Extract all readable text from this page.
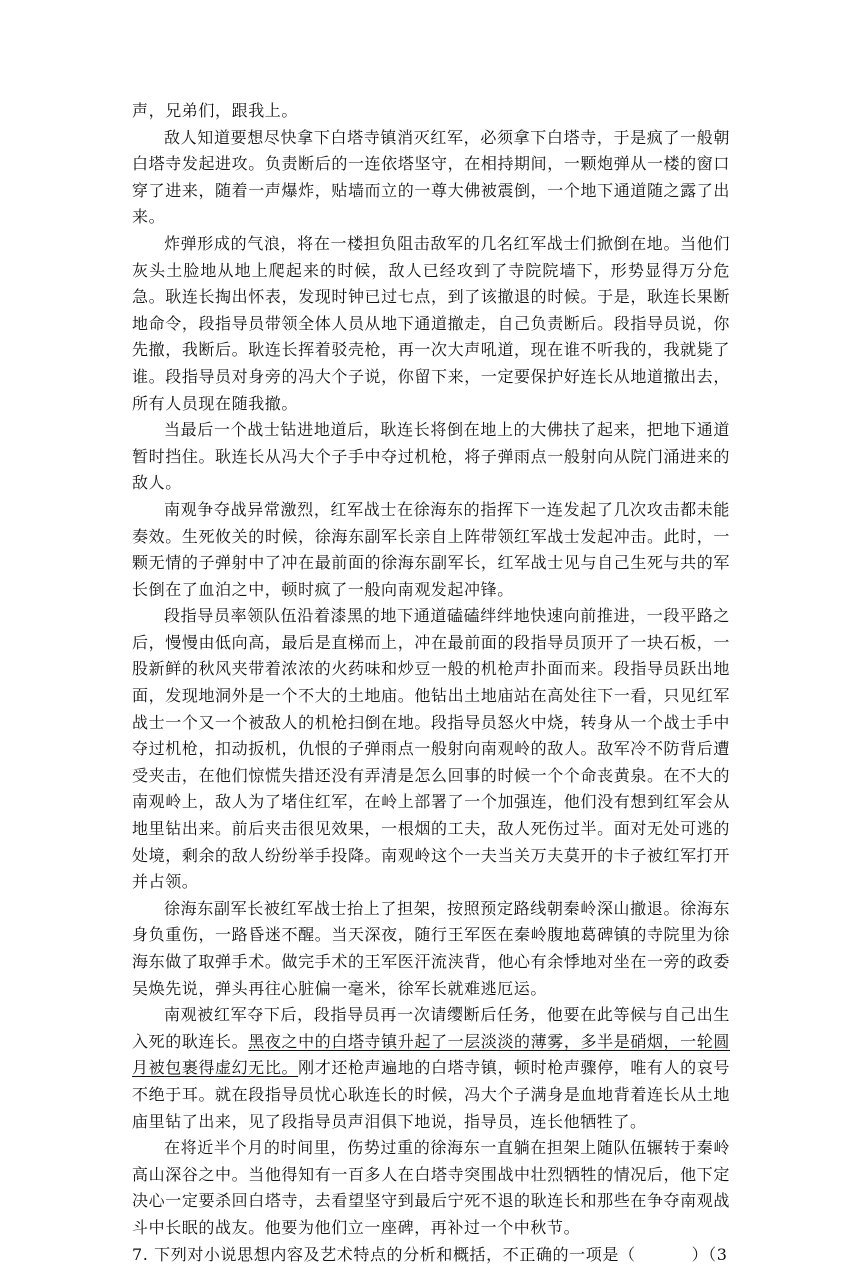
声，兄弟们，跟我上。

敌人知道要想尽快拿下白塔寺镇消灭红军，必须拿下白塔寺，于是疯了一般朝白塔寺发起进攻。负责断后的一连依塔坚守，在相持期间，一颗炮弹从一楼的窗口穿了进来，随着一声爆炸，贴墙而立的一尊大佛被震倒，一个地下通道随之露了出来。

炸弹形成的气浪，将在一楼担负阻击敌军的几名红军战士们掀倒在地。当他们灰头土脸地从地上爬起来的时候，敌人已经攻到了寺院院墙下，形势显得万分危急。耿连长掏出怀表，发现时钟已过七点，到了该撤退的时候。于是，耿连长果断地命令，段指导员带领全体人员从地下通道撤走，自己负责断后。段指导员说，你先撤，我断后。耿连长挥着驳壳枪，再一次大声吼道，现在谁不听我的，我就毙了谁。段指导员对身旁的冯大个子说，你留下来，一定要保护好连长从地道撤出去，所有人员现在随我撤。

当最后一个战士钻进地道后，耿连长将倒在地上的大佛扶了起来，把地下通道暂时挡住。耿连长从冯大个子手中夺过机枪，将子弹雨点一般射向从院门涌进来的敌人。

南观争夺战异常激烈，红军战士在徐海东的指挥下一连发起了几次攻击都未能奏效。生死攸关的时候，徐海东副军长亲自上阵带领红军战士发起冲击。此时，一颗无情的子弹射中了冲在最前面的徐海东副军长，红军战士见与自己生死与共的军长倒在了血泊之中，顿时疯了一般向南观发起冲锋。

段指导员率领队伍沿着漆黑的地下通道磕磕绊绊地快速向前推进，一段平路之后，慢慢由低向高，最后是直梯而上，冲在最前面的段指导员顶开了一块石板，一股新鲜的秋风夹带着浓浓的火药味和炒豆一般的机枪声扑面而来。段指导员跃出地面，发现地洞外是一个不大的土地庙。他钻出土地庙站在高处往下一看，只见红军战士一个又一个被敌人的机枪扫倒在地。段指导员怒火中烧，转身从一个战士手中夺过机枪，扣动扳机，仇恨的子弹雨点一般射向南观岭的敌人。敌军冷不防背后遭受夹击，在他们惊慌失措还没有弄清是怎么回事的时候一个个命丧黄泉。在不大的南观岭上，敌人为了堵住红军，在岭上部署了一个加强连，他们没有想到红军会从地里钻出来。前后夹击很见效果，一根烟的工夫，敌人死伤过半。面对无处可逃的处境，剩余的敌人纷纷举手投降。南观岭这个一夫当关万夫莫开的卡子被红军打开并占领。

徐海东副军长被红军战士抬上了担架，按照预定路线朝秦岭深山撤退。徐海东身负重伤，一路昏迷不醒。当天深夜，随行王军医在秦岭腹地葛碑镇的寺院里为徐海东做了取弹手术。做完手术的王军医汗流浃背，他心有余悸地对坐在一旁的政委吴焕先说，弹头再往心脏偏一毫米，徐军长就难逃厄运。

南观被红军夺下后，段指导员再一次请缨断后任务，他要在此等候与自己出生入死的耿连长。黑夜之中的白塔寺镇升起了一层淡淡的薄雾，多半是硝烟，一轮圆月被包裹得虚幻无比。刚才还枪声遍地的白塔寺镇，顿时枪声骤停，唯有人的哀号不绝于耳。就在段指导员忧心耿连长的时候，冯大个子满身是血地背着连长从土地庙里钻了出来，见了段指导员声泪俱下地说，指导员，连长他牺牲了。

在将近半个月的时间里，伤势过重的徐海东一直躺在担架上随队伍辗转于秦岭高山深谷之中。当他得知有一百多人在白塔寺突围战中壮烈牺牲的情况后，他下定决心一定要杀回白塔寺，去看望坚守到最后宁死不退的耿连长和那些在争夺南观战斗中长眠的战友。他要为他们立一座碑，再补过一个中秋节。

7. 下列对小说思想内容及艺术特点的分析和概括，不正确的一项是（	）（3
